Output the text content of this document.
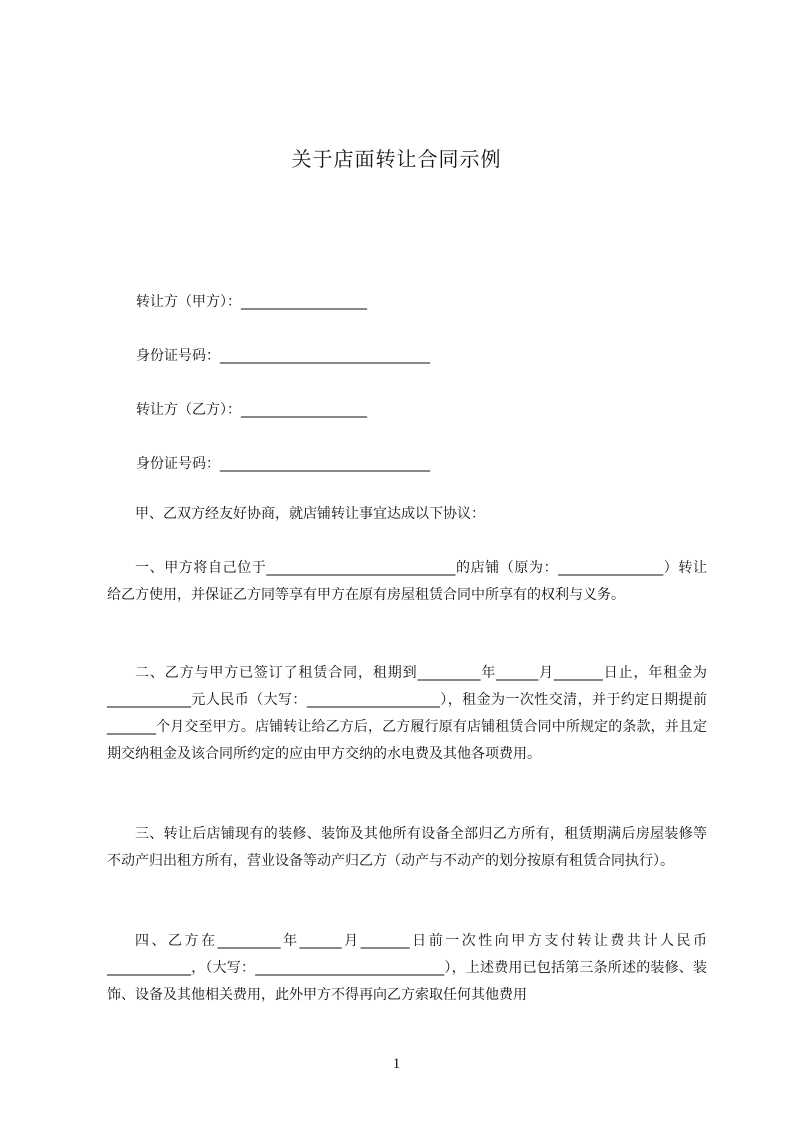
关于店面转让合同示例
转让方（甲方）：__________________
身份证号码：______________________________
转让方（乙方）：__________________
身份证号码：______________________________
甲、乙双方经友好协商，就店铺转让事宜达成以下协议：
一、甲方将自己位于___________________________的店铺（原为：_______________）转让给乙方使用，并保证乙方同等享有甲方在原有房屋租赁合同中所享有的权利与义务。
二、乙方与甲方已签订了租赁合同，租期到_________年______月_______日止，年租金为____________元人民币（大写：___________________），租金为一次性交清，并于约定日期提前_______个月交至甲方。店铺转让给乙方后，乙方履行原有店铺租赁合同中所规定的条款，并且定期交纳租金及该合同所约定的应由甲方交纳的水电费及其他各项费用。
三、转让后店铺现有的装修、装饰及其他所有设备全部归乙方所有，租赁期满后房屋装修等不动产归出租方所有，营业设备等动产归乙方（动产与不动产的划分按原有租赁合同执行）。
四、乙方在_________年______月_______日前一次性向甲方支付转让费共计人民币____________，（大写：___________________________），上述费用已包括第三条所述的装修、装饰、设备及其他相关费用，此外甲方不得再向乙方索取任何其他费用
1
